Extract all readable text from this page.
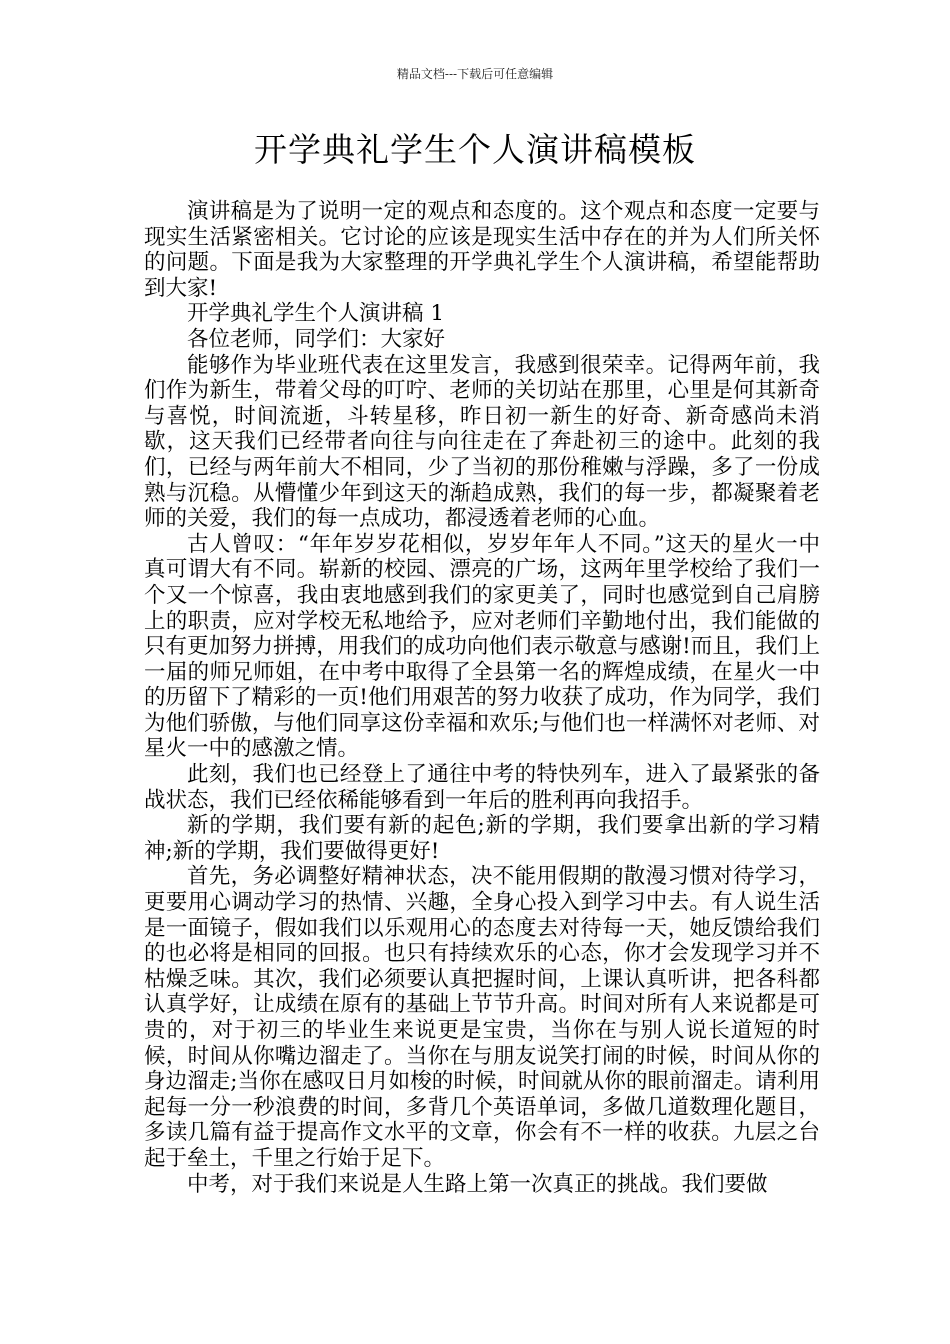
精品文档---下载后可任意编辑
开学典礼学生个人演讲稿模板

演讲稿是为了说明一定的观点和态度的。这个观点和态度一定要与现实生活紧密相关。它讨论的应该是现实生活中存在的并为人们所关怀的问题。下面是我为大家整理的开学典礼学生个人演讲稿，希望能帮助到大家!

开学典礼学生个人演讲稿 1

各位老师，同学们：大家好

能够作为毕业班代表在这里发言，我感到很荣幸。记得两年前，我们作为新生，带着父母的叮咛、老师的关切站在那里，心里是何其新奇与喜悦，时间流逝，斗转星移，昨日初一新生的好奇、新奇感尚未消歇，这天我们已经带者向往与向往走在了奔赴初三的途中。此刻的我们，已经与两年前大不相同，少了当初的那份稚嫩与浮躁，多了一份成熟与沉稳。从懵懂少年到这天的渐趋成熟，我们的每一步，都凝聚着老师的关爱，我们的每一点成功，都浸透着老师的心血。

古人曾叹：“年年岁岁花相似，岁岁年年人不同。”这天的星火一中真可谓大有不同。崭新的校园、漂亮的广场，这两年里学校给了我们一个又一个惊喜，我由衷地感到我们的家更美了，同时也感觉到自己肩膀上的职责，应对学校无私地给予，应对老师们辛勤地付出，我们能做的只有更加努力拼搏，用我们的成功向他们表示敬意与感谢!而且，我们上一届的师兄师姐，在中考中取得了全县第一名的辉煌成绩，在星火一中的历留下了精彩的一页!他们用艰苦的努力收获了成功，作为同学，我们为他们骄傲，与他们同享这份幸福和欢乐;与他们也一样满怀对老师、对星火一中的感激之情。

此刻，我们也已经登上了通往中考的特快列车，进入了最紧张的备战状态，我们已经依稀能够看到一年后的胜利再向我招手。

新的学期，我们要有新的起色;新的学期，我们要拿出新的学习精神;新的学期，我们要做得更好!

首先，务必调整好精神状态，决不能用假期的散漫习惯对待学习，更要用心调动学习的热情、兴趣，全身心投入到学习中去。有人说生活是一面镜子，假如我们以乐观用心的态度去对待每一天，她反馈给我们的也必将是相同的回报。也只有持续欢乐的心态，你才会发现学习并不枯燥乏味。其次，我们必须要认真把握时间，上课认真听讲，把各科都认真学好，让成绩在原有的基础上节节升高。时间对所有人来说都是可贵的，对于初三的毕业生来说更是宝贵，当你在与别人说长道短的时候，时间从你嘴边溜走了。当你在与朋友说笑打闹的时候，时间从你的身边溜走;当你在感叹日月如梭的时候，时间就从你的眼前溜走。请利用起每一分一秒浪费的时间，多背几个英语单词，多做几道数理化题目，多读几篇有益于提高作文水平的文章，你会有不一样的收获。九层之台起于垒土，千里之行始于足下。

中考，对于我们来说是人生路上第一次真正的挑战。我们要做
